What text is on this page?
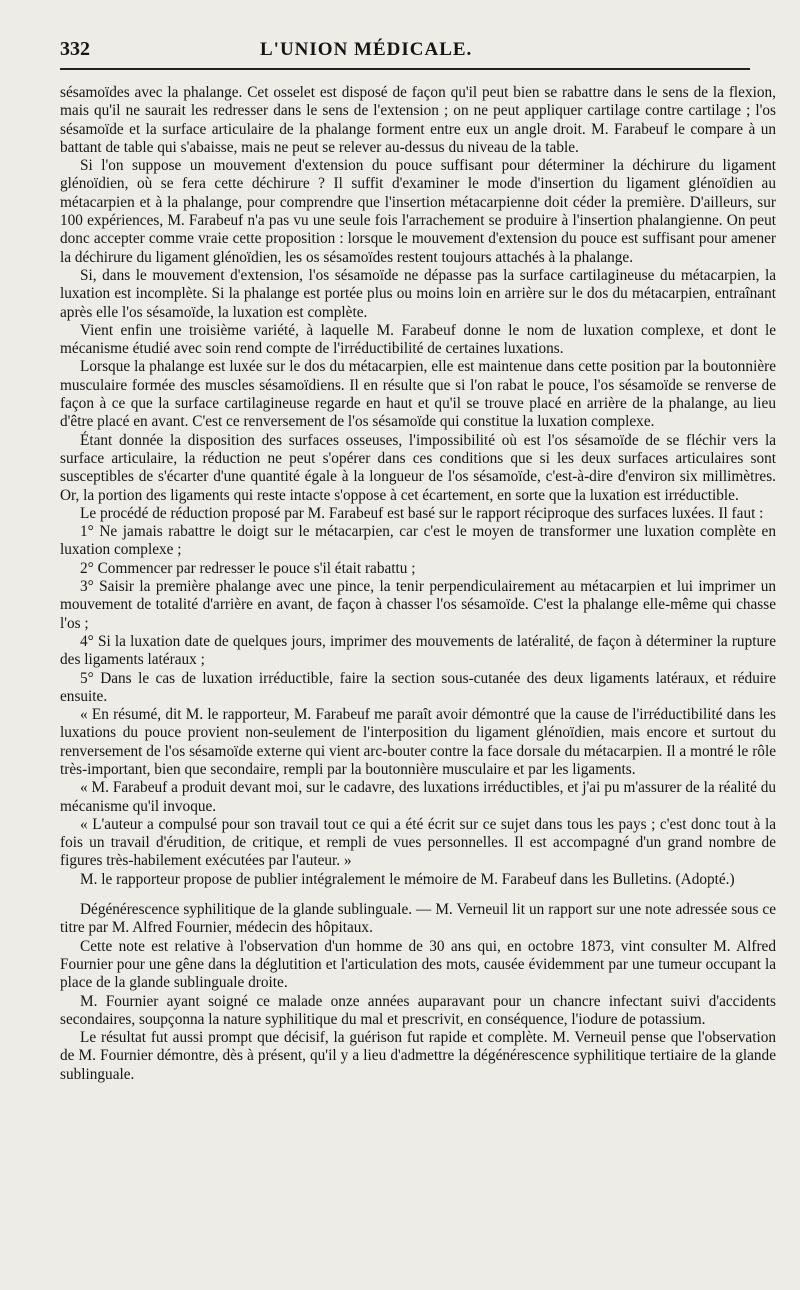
332	L'UNION MÉDICALE.

sésamoïdes avec la phalange. Cet osselet est disposé de façon qu'il peut bien se rabattre dans le sens de la flexion, mais qu'il ne saurait les redresser dans le sens de l'extension ; on ne peut appliquer cartilage contre cartilage ; l'os sésamoïde et la surface articulaire de la phalange forment entre eux un angle droit. M. Farabeuf le compare à un battant de table qui s'abaisse, mais ne peut se relever au-dessus du niveau de la table.

Si l'on suppose un mouvement d'extension du pouce suffisant pour déterminer la déchirure du ligament glénoïdien, où se fera cette déchirure ? Il suffit d'examiner le mode d'insertion du ligament glénoïdien au métacarpien et à la phalange, pour comprendre que l'insertion métacarpienne doit céder la première. D'ailleurs, sur 100 expériences, M. Farabeuf n'a pas vu une seule fois l'arrachement se produire à l'insertion phalangienne. On peut donc accepter comme vraie cette proposition : lorsque le mouvement d'extension du pouce est suffisant pour amener la déchirure du ligament glénoïdien, les os sésamoïdes restent toujours attachés à la phalange.

Si, dans le mouvement d'extension, l'os sésamoïde ne dépasse pas la surface cartilagineuse du métacarpien, la luxation est incomplète. Si la phalange est portée plus ou moins loin en arrière sur le dos du métacarpien, entraînant après elle l'os sésamoïde, la luxation est complète.

Vient enfin une troisième variété, à laquelle M. Farabeuf donne le nom de luxation complexe, et dont le mécanisme étudié avec soin rend compte de l'irréductibilité de certaines luxations.

Lorsque la phalange est luxée sur le dos du métacarpien, elle est maintenue dans cette position par la boutonnière musculaire formée des muscles sésamoïdiens. Il en résulte que si l'on rabat le pouce, l'os sésamoïde se renverse de façon à ce que la surface cartilagineuse regarde en haut et qu'il se trouve placé en arrière de la phalange, au lieu d'être placé en avant. C'est ce renversement de l'os sésamoïde qui constitue la luxation complexe.

Étant donnée la disposition des surfaces osseuses, l'impossibilité où est l'os sésamoïde de se fléchir vers la surface articulaire, la réduction ne peut s'opérer dans ces conditions que si les deux surfaces articulaires sont susceptibles de s'écarter d'une quantité égale à la longueur de l'os sésamoïde, c'est-à-dire d'environ six millimètres. Or, la portion des ligaments qui reste intacte s'oppose à cet écartement, en sorte que la luxation est irréductible.

Le procédé de réduction proposé par M. Farabeuf est basé sur le rapport réciproque des surfaces luxées. Il faut :

1° Ne jamais rabattre le doigt sur le métacarpien, car c'est le moyen de transformer une luxation complète en luxation complexe ;

2° Commencer par redresser le pouce s'il était rabattu ;

3° Saisir la première phalange avec une pince, la tenir perpendiculairement au métacarpien et lui imprimer un mouvement de totalité d'arrière en avant, de façon à chasser l'os sésamoïde. C'est la phalange elle-même qui chasse l'os ;

4° Si la luxation date de quelques jours, imprimer des mouvements de latéralité, de façon à déterminer la rupture des ligaments latéraux ;

5° Dans le cas de luxation irréductible, faire la section sous-cutanée des deux ligaments latéraux, et réduire ensuite.

« En résumé, dit M. le rapporteur, M. Farabeuf me paraît avoir démontré que la cause de l'irréductibilité dans les luxations du pouce provient non-seulement de l'interposition du ligament glénoïdien, mais encore et surtout du renversement de l'os sésamoïde externe qui vient arc-bouter contre la face dorsale du métacarpien. Il a montré le rôle très-important, bien que secondaire, rempli par la boutonnière musculaire et par les ligaments.

« M. Farabeuf a produit devant moi, sur le cadavre, des luxations irréductibles, et j'ai pu m'assurer de la réalité du mécanisme qu'il invoque.

« L'auteur a compulsé pour son travail tout ce qui a été écrit sur ce sujet dans tous les pays ; c'est donc tout à la fois un travail d'érudition, de critique, et rempli de vues personnelles. Il est accompagné d'un grand nombre de figures très-habilement exécutées par l'auteur. »

M. le rapporteur propose de publier intégralement le mémoire de M. Farabeuf dans les Bulletins. (Adopté.)

Dégénérescence syphilitique de la glande sublinguale. — M. Verneuil lit un rapport sur une note adressée sous ce titre par M. Alfred Fournier, médecin des hôpitaux.

Cette note est relative à l'observation d'un homme de 30 ans qui, en octobre 1873, vint consulter M. Alfred Fournier pour une gêne dans la déglutition et l'articulation des mots, causée évidemment par une tumeur occupant la place de la glande sublinguale droite.

M. Fournier ayant soigné ce malade onze années auparavant pour un chancre infectant suivi d'accidents secondaires, soupçonna la nature syphilitique du mal et prescrivit, en conséquence, l'iodure de potassium.

Le résultat fut aussi prompt que décisif, la guérison fut rapide et complète. M. Verneuil pense que l'observation de M. Fournier démontre, dès à présent, qu'il y a lieu d'admettre la dégénérescence syphilitique tertiaire de la glande sublinguale.
